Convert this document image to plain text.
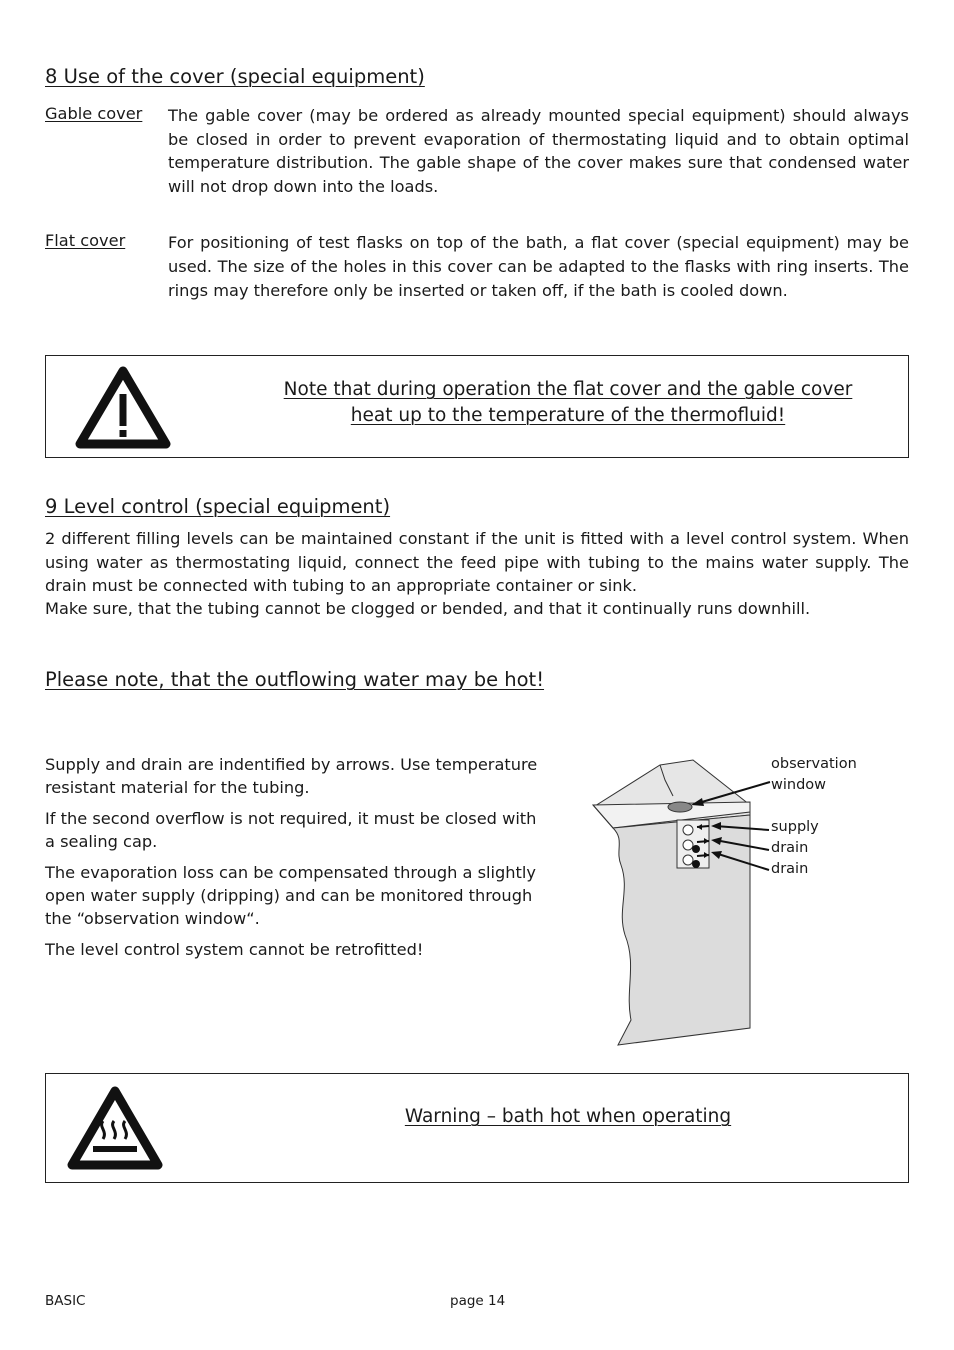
8 Use of the cover (special equipment)
Gable cover The gable cover (may be ordered as already mounted special equipment) should always be closed in order to prevent evaporation of thermostating liquid and to obtain optimal temperature distribution. The gable shape of the cover makes sure that condensed water will not drop down into the loads.
Flat cover	For positioning of test flasks on top of the bath, a flat cover (special equipment) may be used. The size of the holes in this cover can be adapted to the flasks with ring inserts. The rings may therefore only be inserted or taken off, if the bath is cooled down.
Note that during operation the flat cover and the gable cover
heat up to the temperature of the thermofluid!
9 Level control (special equipment)
2 different filling levels can be maintained constant if the unit is fitted with a level control system. When using water as thermostating liquid, connect the feed pipe with tubing to the mains water supply. The drain must be connected with tubing to an appropriate container or sink.
Make sure, that the tubing cannot be clogged or bended, and that it continually runs downhill.
Please note, that the outflowing water may be hot!

Supply and drain are indentified by arrows. Use temperature resistant material for the tubing.

If the second overflow is not required, it must be closed with a sealing cap.

The evaporation loss can be compensated through a slightly open water supply (dripping) and can be monitored through the “observation window“.

The level control system cannot be retrofitted!

observation
window
supply
drain
drain
Warning – bath hot when operating
BASIC	page 14
